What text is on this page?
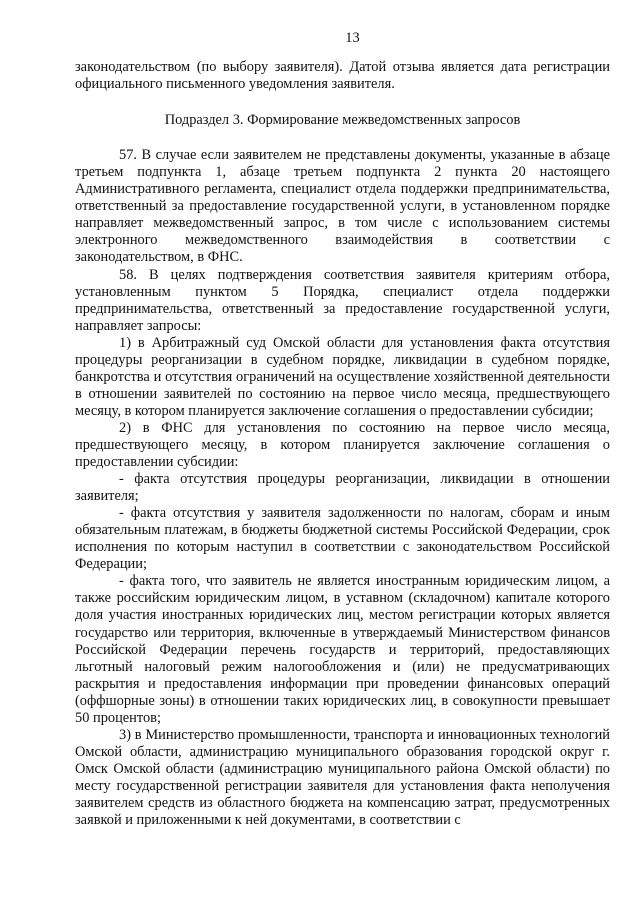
13

законодательством (по выбору заявителя). Датой отзыва является дата регистрации официального письменного уведомления заявителя.

Подраздел 3. Формирование межведомственных запросов

57. В случае если заявителем не представлены документы, указанные в абзаце третьем подпункта 1, абзаце третьем подпункта 2 пункта 20 настоящего Административного регламента, специалист отдела поддержки предпринимательства, ответственный за предоставление государственной услуги, в установленном порядке направляет межведомственный запрос, в том числе с использованием системы электронного межведомственного взаимодействия в соответствии с законодательством, в ФНС.

58. В целях подтверждения соответствия заявителя критериям отбора, установленным пунктом 5 Порядка, специалист отдела поддержки предпринимательства, ответственный за предоставление государственной услуги, направляет запросы:

1) в Арбитражный суд Омской области для установления факта отсутствия процедуры реорганизации в судебном порядке, ликвидации в судебном порядке, банкротства и отсутствия ограничений на осуществление хозяйственной деятельности в отношении заявителей по состоянию на первое число месяца, предшествующего месяцу, в котором планируется заключение соглашения о предоставлении субсидии;

2) в ФНС для установления по состоянию на первое число месяца, предшествующего месяцу, в котором планируется заключение соглашения о предоставлении субсидии:

- факта отсутствия процедуры реорганизации, ликвидации в отношении заявителя;

- факта отсутствия у заявителя задолженности по налогам, сборам и иным обязательным платежам, в бюджеты бюджетной системы Российской Федерации, срок исполнения по которым наступил в соответствии с законодательством Российской Федерации;

- факта того, что заявитель не является иностранным юридическим лицом, а также российским юридическим лицом, в уставном (складочном) капитале которого доля участия иностранных юридических лиц, местом регистрации которых является государство или территория, включенные в утверждаемый Министерством финансов Российской Федерации перечень государств и территорий, предоставляющих льготный налоговый режим налогообложения и (или) не предусматривающих раскрытия и предоставления информации при проведении финансовых операций (оффшорные зоны) в отношении таких юридических лиц, в совокупности превышает 50 процентов;

3) в Министерство промышленности, транспорта и инновационных технологий Омской области, администрацию муниципального образования городской округ г. Омск Омской области (администрацию муниципального района Омской области) по месту государственной регистрации заявителя для установления факта неполучения заявителем средств из областного бюджета на компенсацию затрат, предусмотренных заявкой и приложенными к ней документами, в соответствии с
